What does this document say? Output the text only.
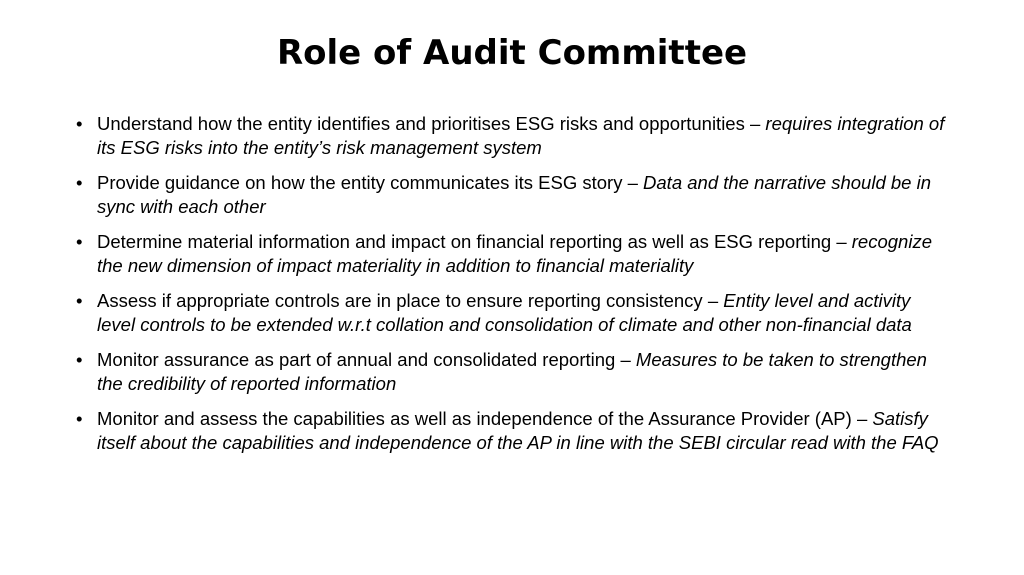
Role of Audit Committee
• Understand how the entity identifies and prioritises ESG risks and opportunities – requires integration of its ESG risks into the entity’s risk management system
• Provide guidance on how the entity communicates its ESG story – Data and the narrative should be in sync with each other
• Determine material information and impact on financial reporting as well as ESG reporting – recognize the new dimension of impact materiality in addition to financial materiality
• Assess if appropriate controls are in place to ensure reporting consistency – Entity level and activity level controls to be extended w.r.t collation and consolidation of climate and other non-financial data
• Monitor assurance as part of annual and consolidated reporting – Measures to be taken to strengthen the credibility of reported information
• Monitor and assess the capabilities as well as independence of the Assurance Provider (AP) – Satisfy itself about the capabilities and independence of the AP in line with the SEBI circular read with the FAQ
